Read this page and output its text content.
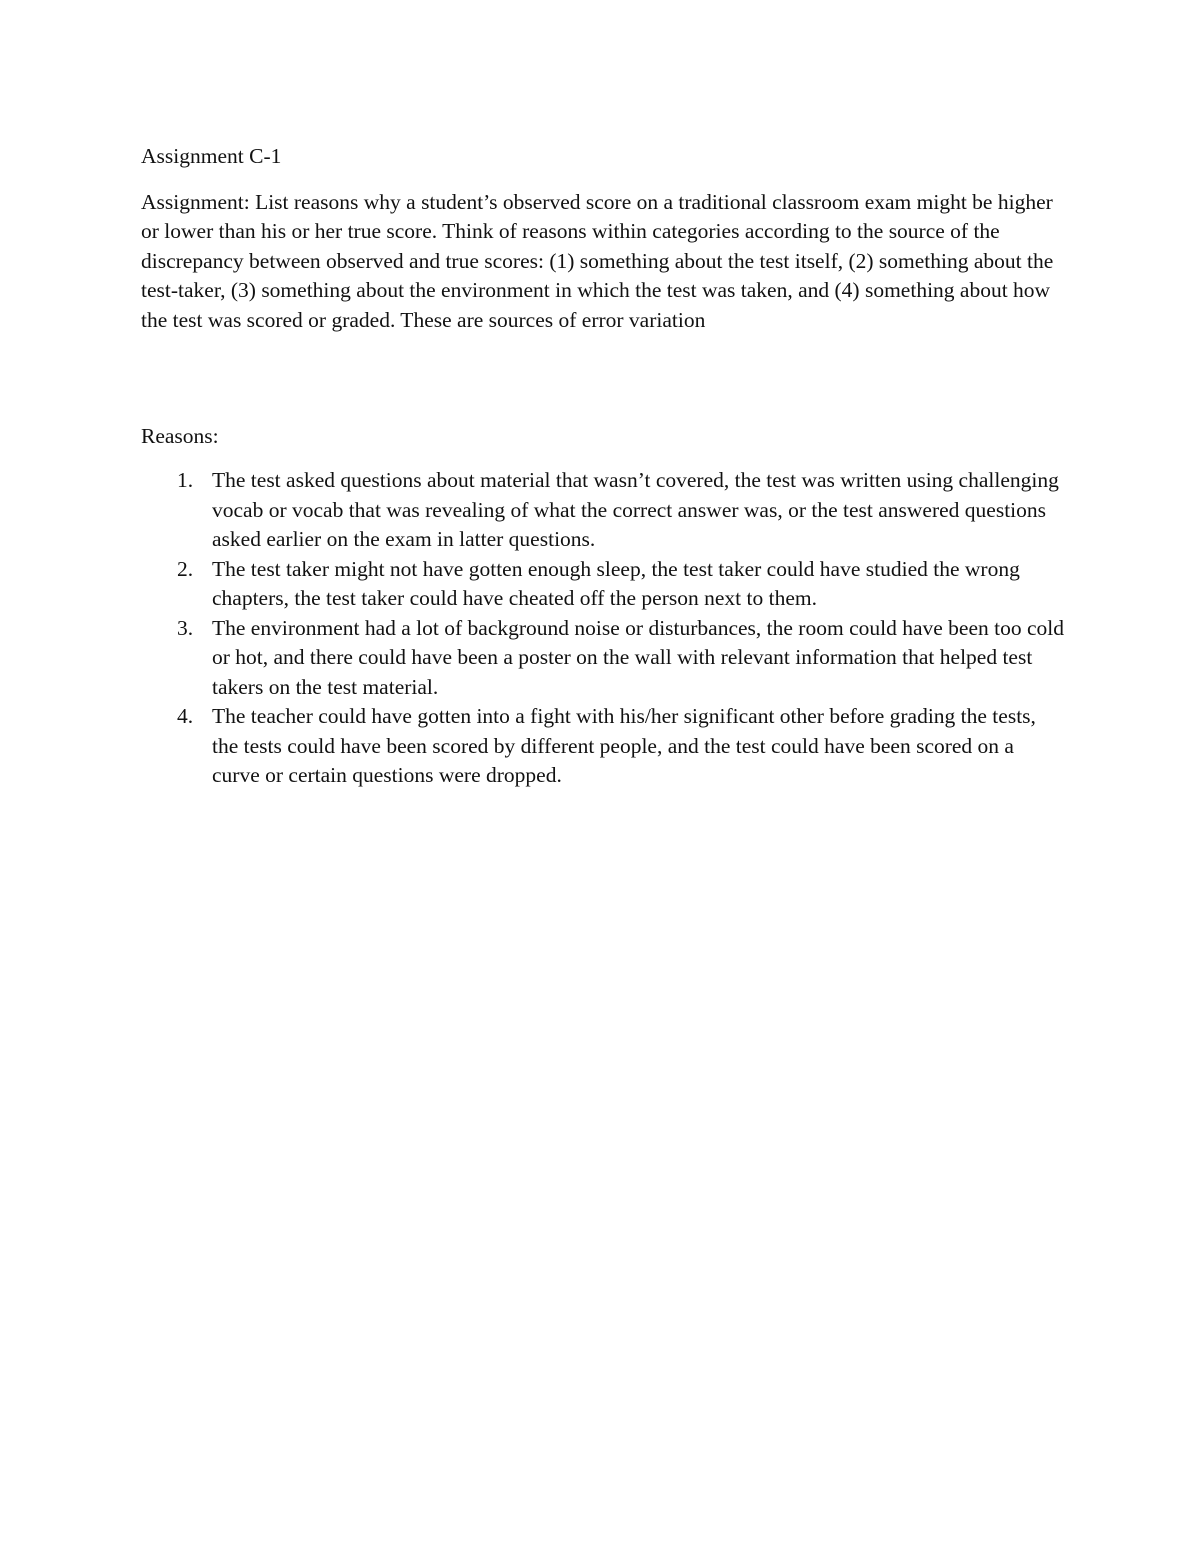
Assignment C-1

Assignment: List reasons why a student’s observed score on a traditional classroom exam might be higher or lower than his or her true score. Think of reasons within categories according to the source of the discrepancy between observed and true scores: (1) something about the test itself, (2) something about the test-taker, (3) something about the environment in which the test was taken, and (4) something about how the test was scored or graded. These are sources of error variation

Reasons:

1. The test asked questions about material that wasn’t covered, the test was written using challenging vocab or vocab that was revealing of what the correct answer was, or the test answered questions asked earlier on the exam in latter questions.
2. The test taker might not have gotten enough sleep, the test taker could have studied the wrong chapters, the test taker could have cheated off the person next to them.
3. The environment had a lot of background noise or disturbances, the room could have been too cold or hot, and there could have been a poster on the wall with relevant information that helped test takers on the test material.
4. The teacher could have gotten into a fight with his/her significant other before grading the tests, the tests could have been scored by different people, and the test could have been scored on a curve or certain questions were dropped.
